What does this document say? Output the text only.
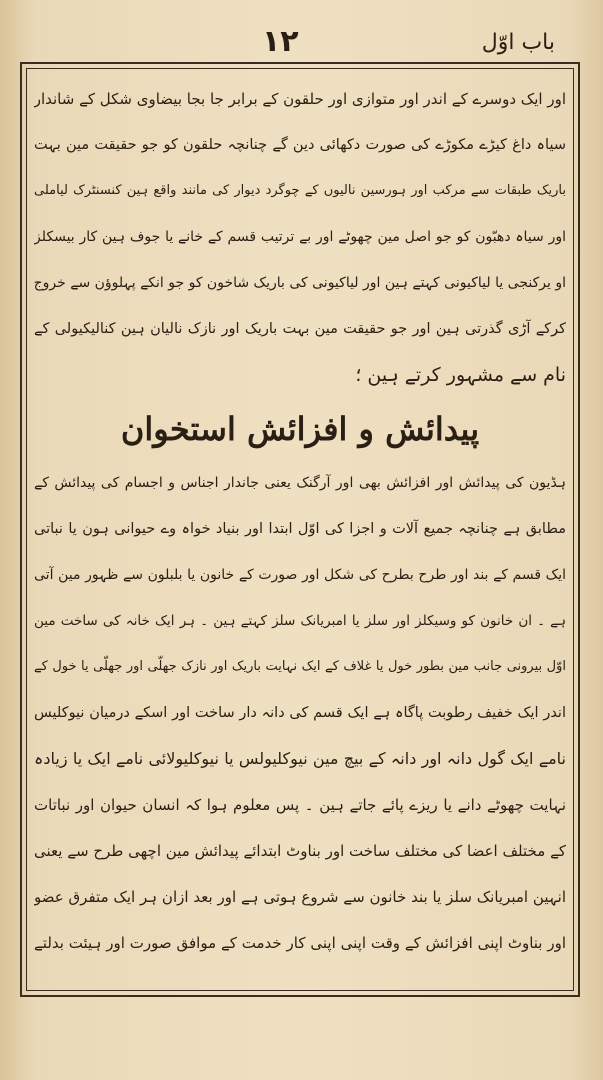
۱۲	باب اوّل
اور ایک دوسرے کے اندر اور متوازی اور حلقون کے برابر جا بجا بیضاوی شکل کے شاندار
سیاہ داغ کیڑے مکوڑے کی صورت دکھائی دین گے چنانچہ حلقون کو جو حقیقت مین بہت
باریک طبقات سے مرکب اور ہورسین نالیوں کے چوگرد دیوار کی مانند واقع ہین کنسنٹرک لیاملی
اور سیاہ دھبّون کو جو اصل مین چھوٹے اور بے ترتیب قسم کے خانے یا جوف ہین کار بیسکلز
او یرکنجی یا لیاکیونی کہتے ہین اور لیاکیونی کی باریک شاخون کو جو انکے پہلوؤن سے خروج
کرکے آڑی گذرتی ہین اور جو حقیقت مین بہت باریک اور نازک نالیان ہین کنالیکیولی کے
نام سے مشہور کرتے ہین ؛
پیدائش و افزائش استخوان
ہڈیون کی پیدائش اور افزائش بھی اور آرگنک یعنی جاندار اجناس و اجسام کی پیدائش کے
مطابق ہے چنانچہ جمیع آلات و اجزا کی اوّل ابتدا اور بنیاد خواہ وے حیوانی ہون یا نباتی
ایک قسم کے بند اور طرح بطرح کی شکل اور صورت کے خانون یا بلبلون سے ظہور مین آتی
ہے ۔ ان خانون کو وسیکلز اور سلز یا امبریانک سلز کہتے ہین ۔ ہر ایک خانہ کی ساخت مین
اوّل بیرونی جانب مین بطور خول یا غلاف کے ایک نہایت باریک اور نازک جھلّی اور جھلّی یا خول کے
اندر ایک خفیف رطوبت پاگاہ ہے ایک قسم کی دانہ دار ساخت اور اسکے درمیان نیوکلیس
نامے ایک گول دانہ اور دانہ کے بیچ مین نیوکلیولس یا نیوکلیولائی نامے ایک یا زیادہ
نہایت چھوٹے دانے یا ریزے پائے جاتے ہین ۔ پس معلوم ہوا کہ انسان حیوان اور نباتات
کے مختلف اعضا کی مختلف ساخت اور بناوٹ ابتدائے پیدائش مین اچھی طرح سے یعنی
انہین امبریانک سلز یا بند خانون سے شروع ہوتی ہے اور بعد ازان ہر ایک متفرق عضو
اور بناوٹ اپنی افزائش کے وقت اپنی اپنی کار خدمت کے موافق صورت اور ہیئت بدلتے
